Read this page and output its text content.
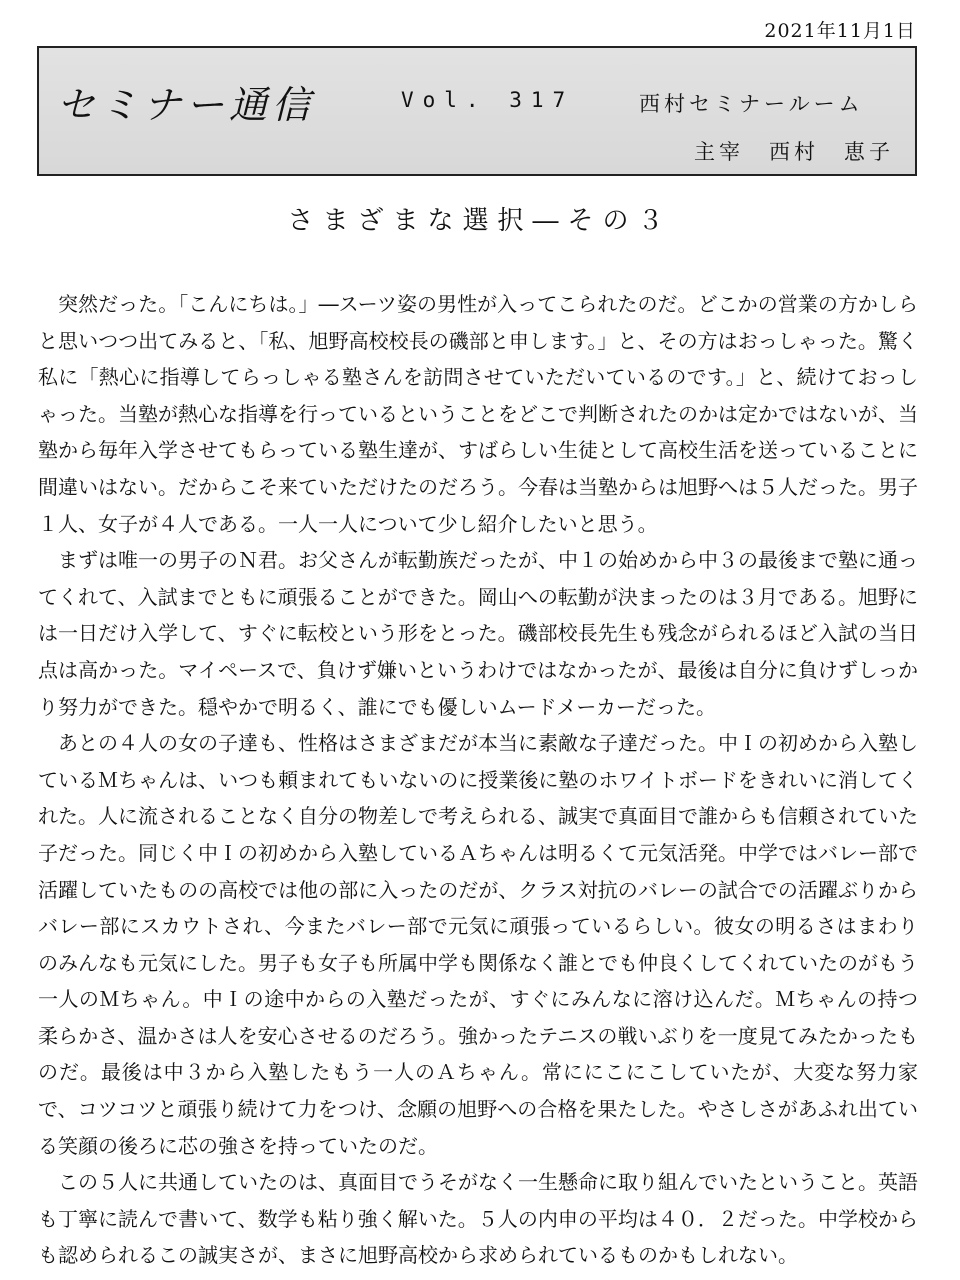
2021年11月1日
セミナー通信	Vol. 317	西村セミナールーム
主宰　西村　恵子
さまざまな選択―その３

突然だった。「こんにちは。」―スーツ姿の男性が入ってこられたのだ。どこかの営業の方かしらと思いつつ出てみると、「私、旭野高校校長の磯部と申します。」と、その方はおっしゃった。驚く私に「熱心に指導してらっしゃる塾さんを訪問させていただいているのです。」と、続けておっしゃった。当塾が熱心な指導を行っているということをどこで判断されたのかは定かではないが、当塾から毎年入学させてもらっている塾生達が、すばらしい生徒として高校生活を送っていることに間違いはない。だからこそ来ていただけたのだろう。今春は当塾からは旭野へは５人だった。男子１人、女子が４人である。一人一人について少し紹介したいと思う。

まずは唯一の男子のＮ君。お父さんが転勤族だったが、中１の始めから中３の最後まで塾に通ってくれて、入試までともに頑張ることができた。岡山への転勤が決まったのは３月である。旭野には一日だけ入学して、すぐに転校という形をとった。磯部校長先生も残念がられるほど入試の当日点は高かった。マイペースで、負けず嫌いというわけではなかったが、最後は自分に負けずしっかり努力ができた。穏やかで明るく、誰にでも優しいムードメーカーだった。

あとの４人の女の子達も、性格はさまざまだが本当に素敵な子達だった。中Ｉの初めから入塾しているＭちゃんは、いつも頼まれてもいないのに授業後に塾のホワイトボードをきれいに消してくれた。人に流されることなく自分の物差しで考えられる、誠実で真面目で誰からも信頼されていた子だった。同じく中Ｉの初めから入塾しているＡちゃんは明るくて元気活発。中学ではバレー部で活躍していたものの高校では他の部に入ったのだが、クラス対抗のバレーの試合での活躍ぶりからバレー部にスカウトされ、今またバレー部で元気に頑張っているらしい。彼女の明るさはまわりのみんなも元気にした。男子も女子も所属中学も関係なく誰とでも仲良くしてくれていたのがもう一人のＭちゃん。中Ｉの途中からの入塾だったが、すぐにみんなに溶け込んだ。Ｍちゃんの持つ柔らかさ、温かさは人を安心させるのだろう。強かったテニスの戦いぶりを一度見てみたかったものだ。最後は中３から入塾したもう一人のＡちゃん。常ににこにこしていたが、大変な努力家で、コツコツと頑張り続けて力をつけ、念願の旭野への合格を果たした。やさしさがあふれ出ている笑顔の後ろに芯の強さを持っていたのだ。

この５人に共通していたのは、真面目でうそがなく一生懸命に取り組んでいたということ。英語も丁寧に読んで書いて、数学も粘り強く解いた。５人の内申の平均は４０．２だった。中学校からも認められるこの誠実さが、まさに旭野高校から求められているものかもしれない。
